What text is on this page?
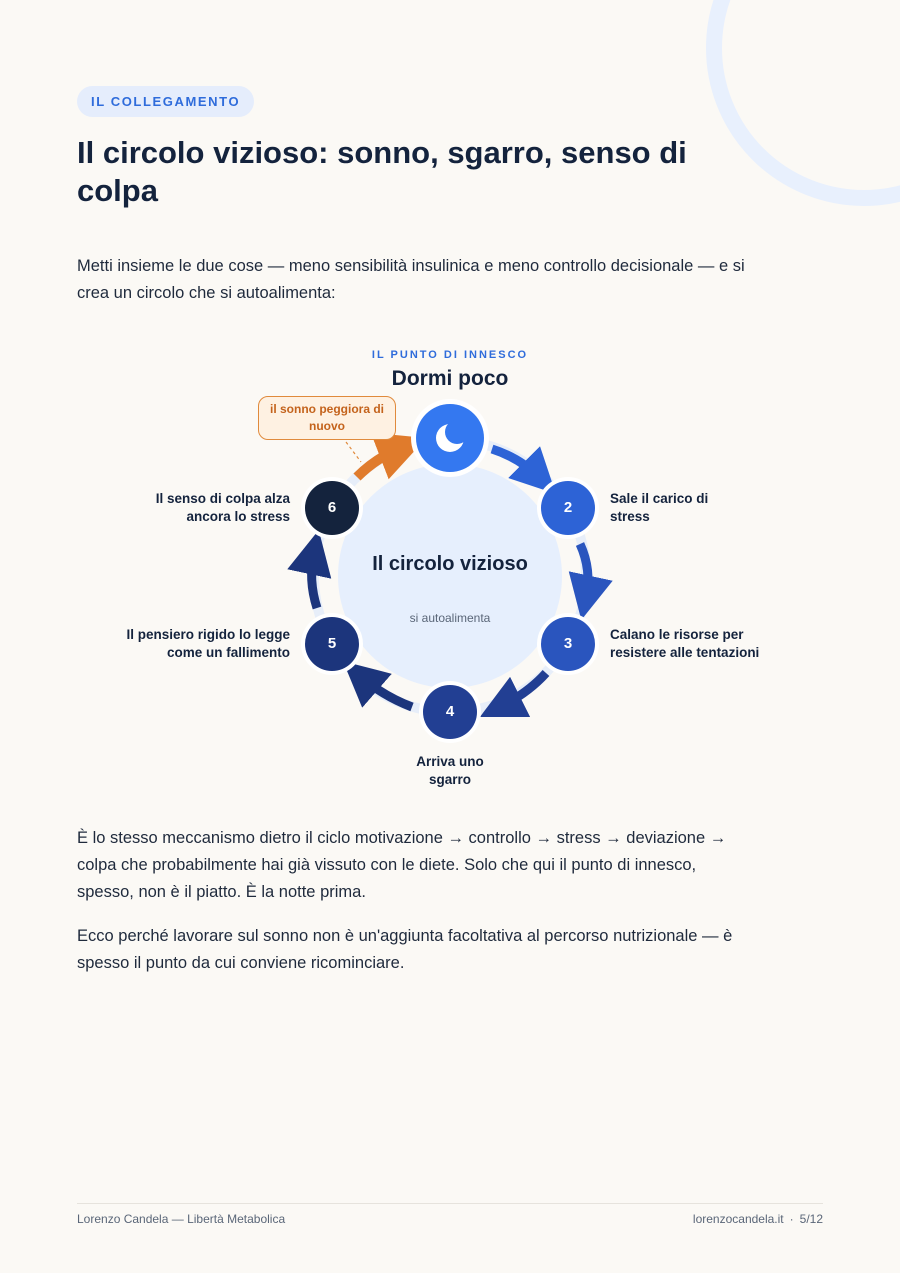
IL COLLEGAMENTO
Il circolo vizioso: sonno, sgarro, senso di colpa

Metti insieme le due cose — meno sensibilità insulinica e meno controllo decisionale — e si crea un circolo che si autoalimenta:

IL PUNTO DI INNESCO
Dormi poco
Il circolo vizioso
si autoalimenta
2
3
4
5
6
Sale il carico di stress
Calano le risorse per resistere alle tentazioni
Arriva uno sgarro
Il pensiero rigido lo legge come un fallimento
Il senso di colpa alza ancora lo stress
il sonno peggiora di nuovo

È lo stesso meccanismo dietro il ciclo motivazione → controllo → stress → deviazione → colpa che probabilmente hai già vissuto con le diete. Solo che qui il punto di innesco, spesso, non è il piatto. È la notte prima.

Ecco perché lavorare sul sonno non è un'aggiunta facoltativa al percorso nutrizionale — è spesso il punto da cui conviene ricominciare.

Lorenzo Candela — Libertà Metabolica	lorenzocandela.it · 5/12
